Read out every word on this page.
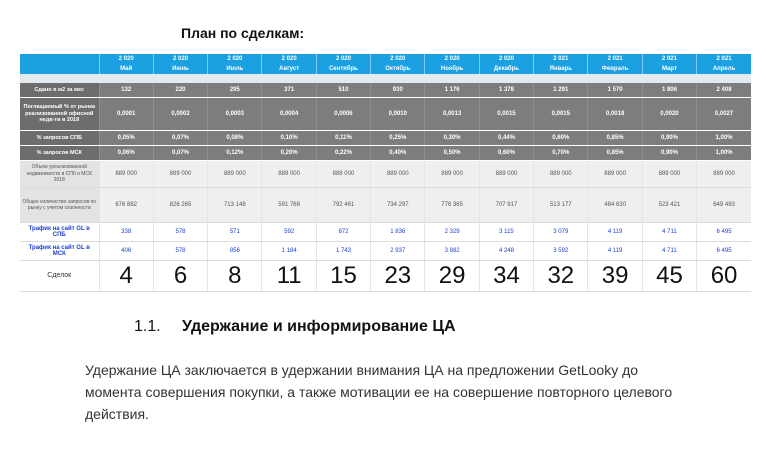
План по сделкам:
	2 020	2 020	2 020	2 020	2 020	2 020	2 020	2 020	2 021	2 021	2 021	2 021
	Май	Июнь	Июль	Август	Сентябрь	Октябрь	Ноябрь	Декабрь	Январь	Февраль	Март	Апрель

Сдано в м2 за мес	132	220	295	371	510	930	1 176	1 378	1 291	1 570	1 806	2 408
Поглащаемый % от рынка реализованной офисной недв-ти в 2018	0,0001	0,0002	0,0003	0,0004	0,0006	0,0010	0,0013	0,0015	0,0015	0,0018	0,0020	0,0027
% запросов СПБ	0,05%	0,07%	0,08%	0,10%	0,11%	0,25%	0,30%	0,44%	0,60%	0,85%	0,90%	1,00%
% запросов МСК	0,06%	0,07%	0,12%	0,20%	0,22%	0,40%	0,50%	0,60%	0,70%	0,85%	0,90%	1,00%
Объем уреализованной недвижимости в СПб и МСК 2018	889 000	889 000	889 000	889 000	889 000	889 000	889 000	889 000	889 000	889 000	889 000	889 000
Общее количество запросов по рынку с учетом сезонности	676 882	826 265	713 148	591 768	792 461	734 297	776 365	707 917	513 177	484 630	523 421	649 493
Трафик на сайт GL в СПБ	338	578	571	592	872	1 836	2 329	3 115	3 079	4 119	4 711	6 495
Трафик на сайт GL в МСК	406	578	856	1 184	1 743	2 937	3 882	4 248	3 592	4 119	4 711	6 495
Сделок	4	6	8	11	15	23	29	34	32	39	45	60
1.1. Удержание и информирование ЦА
Удержание ЦА заключается в удержании внимания ЦА на предложении GetLooky до момента совершения покупки, а также мотивации ее на совершение повторного целевого действия.
